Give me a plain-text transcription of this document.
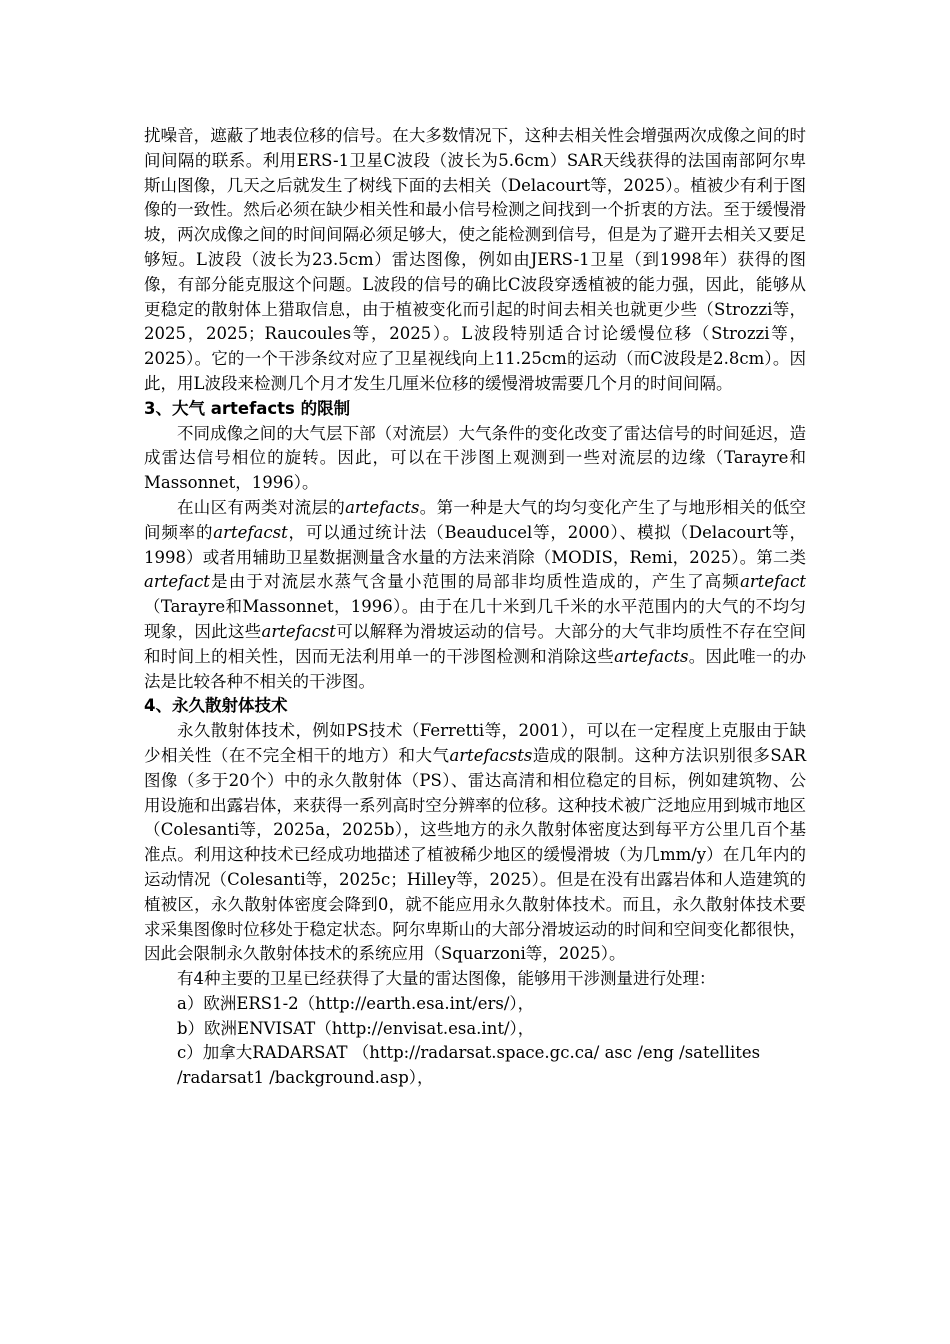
扰噪音，遮蔽了地表位移的信号。在大多数情况下，这种去相关性会增强两次成像之间的时间间隔的联系。利用ERS-1卫星C波段（波长为5.6cm）SAR天线获得的法国南部阿尔卑斯山图像，几天之后就发生了树线下面的去相关（Delacourt等，2025）。植被少有利于图像的一致性。然后必须在缺少相关性和最小信号检测之间找到一个折衷的方法。至于缓慢滑坡，两次成像之间的时间间隔必须足够大，使之能检测到信号，但是为了避开去相关又要足够短。L波段（波长为23.5cm）雷达图像，例如由JERS-1卫星（到1998年）获得的图像，有部分能克服这个问题。L波段的信号的确比C波段穿透植被的能力强，因此，能够从更稳定的散射体上猎取信息，由于植被变化而引起的时间去相关也就更少些（Strozzi等，2025，2025；Raucoules等，2025）。L波段特别适合讨论缓慢位移（Strozzi等，2025）。它的一个干涉条纹对应了卫星视线向上11.25cm的运动（而C波段是2.8cm）。因此，用L波段来检测几个月才发生几厘米位移的缓慢滑坡需要几个月的时间间隔。

3、大气 artefacts 的限制

不同成像之间的大气层下部（对流层）大气条件的变化改变了雷达信号的时间延迟，造成雷达信号相位的旋转。因此，可以在干涉图上观测到一些对流层的边缘（Tarayre和Massonnet，1996）。

在山区有两类对流层的artefacts。第一种是大气的均匀变化产生了与地形相关的低空间频率的artefacst，可以通过统计法（Beauducel等，2000）、模拟（Delacourt等，1998）或者用辅助卫星数据测量含水量的方法来消除（MODIS，Remi，2025）。第二类artefact是由于对流层水蒸气含量小范围的局部非均质性造成的，产生了高频artefact（Tarayre和Massonnet，1996）。由于在几十米到几千米的水平范围内的大气的不均匀现象，因此这些artefacst可以解释为滑坡运动的信号。大部分的大气非均质性不存在空间和时间上的相关性，因而无法利用单一的干涉图检测和消除这些artefacts。因此唯一的办法是比较各种不相关的干涉图。

4、永久散射体技术

永久散射体技术，例如PS技术（Ferretti等，2001），可以在一定程度上克服由于缺少相关性（在不完全相干的地方）和大气artefacsts造成的限制。这种方法识别很多SAR图像（多于20个）中的永久散射体（PS）、雷达高清和相位稳定的目标，例如建筑物、公用设施和出露岩体，来获得一系列高时空分辨率的位移。这种技术被广泛地应用到城市地区（Colesanti等，2025a，2025b），这些地方的永久散射体密度达到每平方公里几百个基准点。利用这种技术已经成功地描述了植被稀少地区的缓慢滑坡（为几mm/y）在几年内的运动情况（Colesanti等，2025c；Hilley等，2025）。但是在没有出露岩体和人造建筑的植被区，永久散射体密度会降到0，就不能应用永久散射体技术。而且，永久散射体技术要求采集图像时位移处于稳定状态。阿尔卑斯山的大部分滑坡运动的时间和空间变化都很快，因此会限制永久散射体技术的系统应用（Squarzoni等，2025）。

有4种主要的卫星已经获得了大量的雷达图像，能够用干涉测量进行处理：

a）欧洲ERS1-2（http://earth.esa.int/ers/），

b）欧洲ENVISAT（http://envisat.esa.int/），

c）加拿大RADARSAT （http://radarsat.space.gc.ca/ asc /eng /satellites /radarsat1 /background.asp），
